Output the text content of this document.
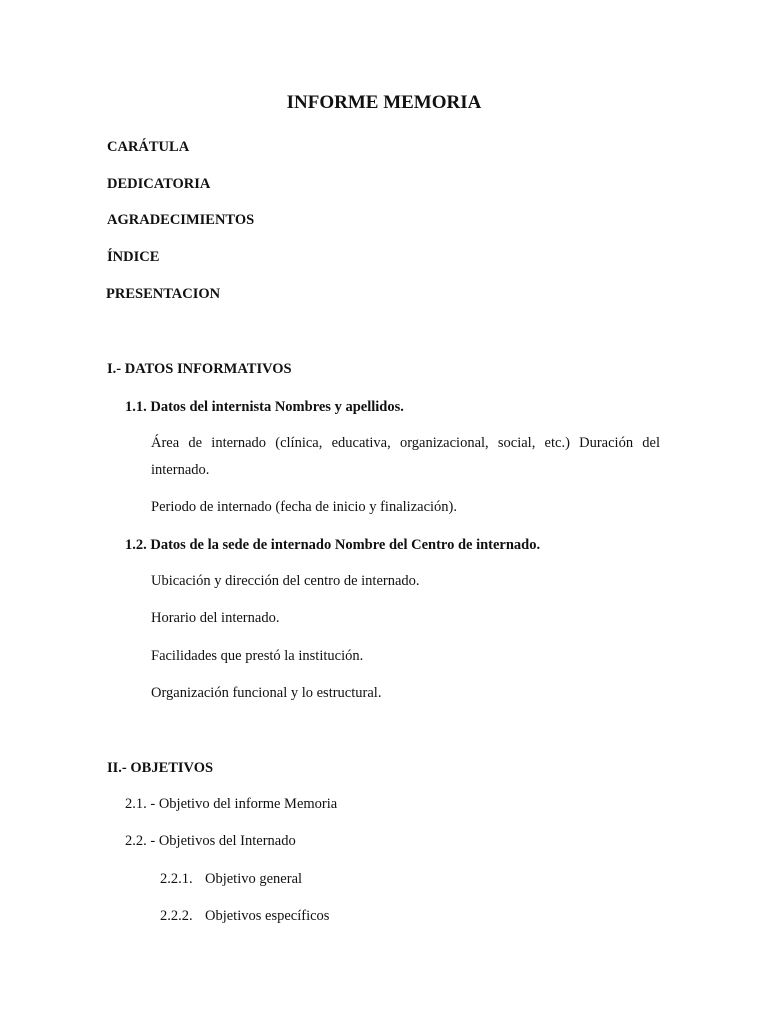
INFORME MEMORIA
CARÁTULA
DEDICATORIA
AGRADECIMIENTOS
ÍNDICE
PRESENTACION
I.- DATOS INFORMATIVOS
1.1. Datos del internista Nombres y apellidos.
Área de internado (clínica, educativa, organizacional, social, etc.) Duración del internado.
Periodo de internado (fecha de inicio y finalización).
1.2. Datos de la sede de internado Nombre del Centro de internado.
Ubicación y dirección del centro de internado.
Horario del internado.
Facilidades que prestó la institución.
Organización funcional y lo estructural.
II.- OBJETIVOS
2.1. - Objetivo del informe Memoria
2.2. - Objetivos del Internado
2.2.1. Objetivo general
2.2.2. Objetivos específicos
